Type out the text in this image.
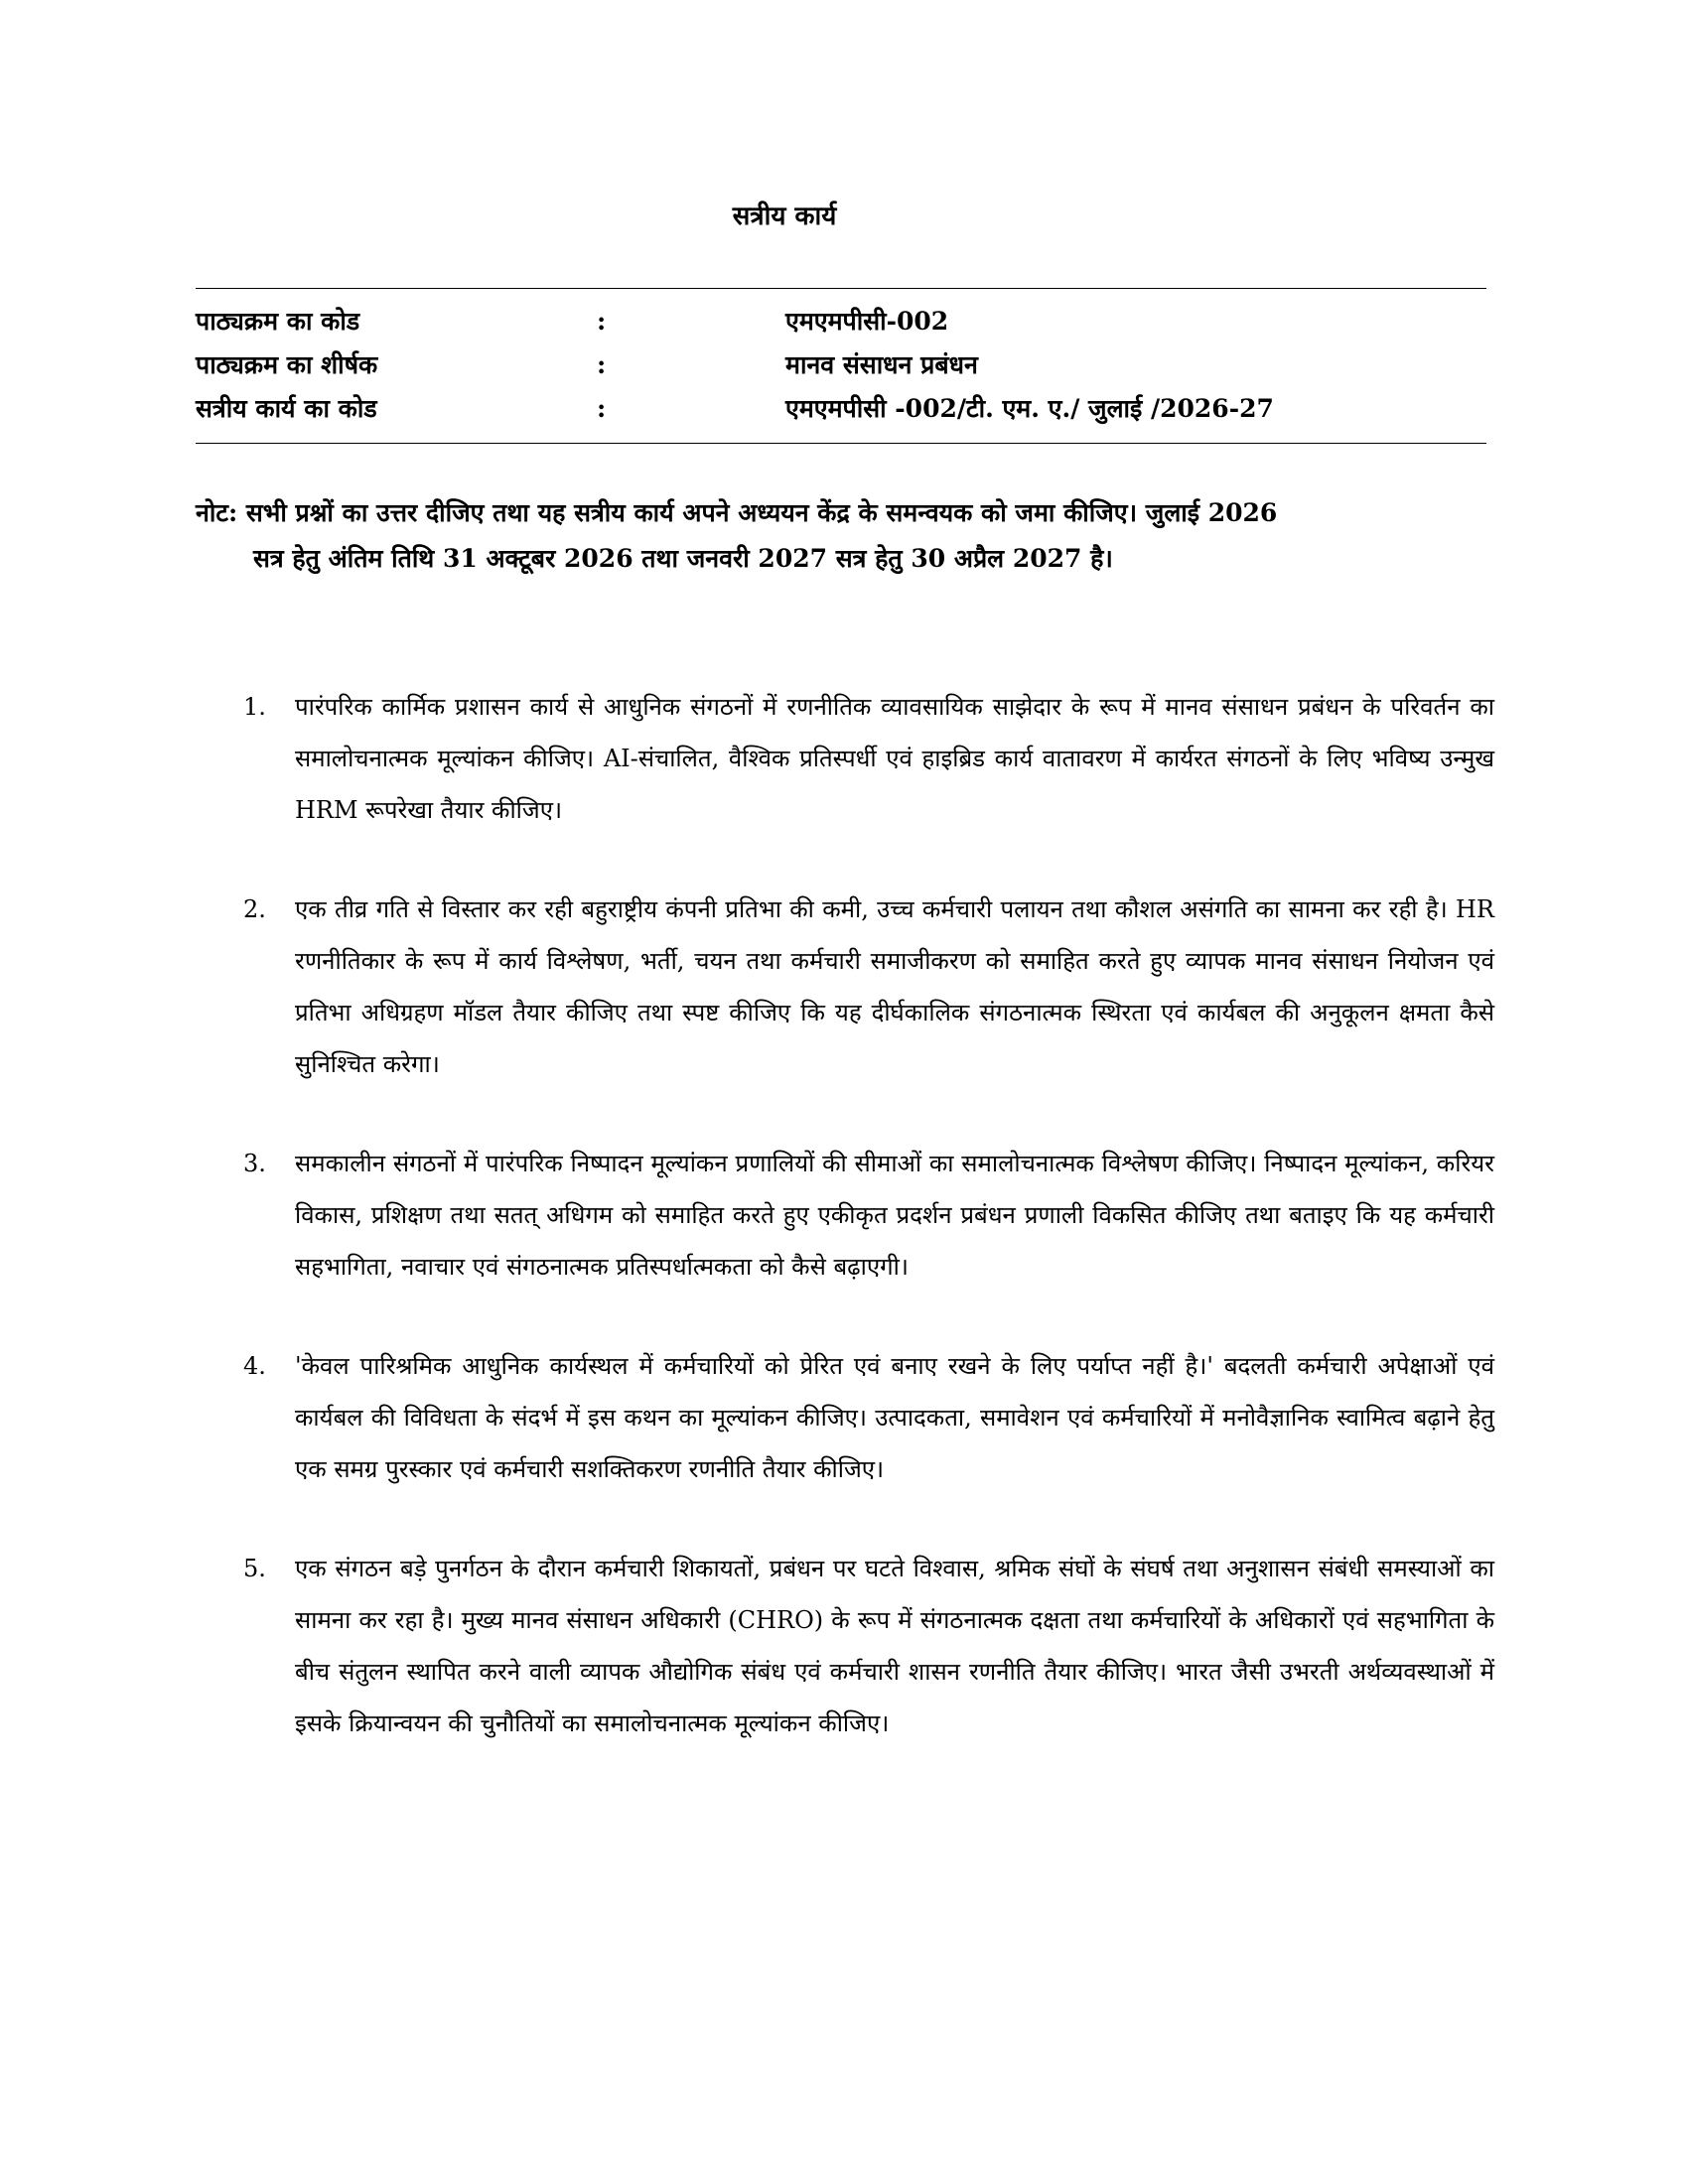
सत्रीय कार्य
पाठ्यक्रम का कोड	:	एमएमपीसी-002
पाठ्यक्रम का शीर्षक	:	मानव संसाधन प्रबंधन
सत्रीय कार्य का कोड	:	एमएमपीसी -002/टी. एम. ए./ जुलाई /2026-27
नोट: सभी प्रश्नों का उत्तर दीजिए तथा यह सत्रीय कार्य अपने अध्ययन केंद्र के समन्वयक को जमा कीजिए। जुलाई 2026
सत्र हेतु अंतिम तिथि 31 अक्टूबर 2026 तथा जनवरी 2027 सत्र हेतु 30 अप्रैल 2027 है।
1. पारंपरिक कार्मिक प्रशासन कार्य से आधुनिक संगठनों में रणनीतिक व्यावसायिक साझेदार के रूप में मानव संसाधन प्रबंधन के परिवर्तन का समालोचनात्मक मूल्यांकन कीजिए। AI-संचालित, वैश्विक प्रतिस्पर्धी एवं हाइब्रिड कार्य वातावरण में कार्यरत संगठनों के लिए भविष्य उन्मुख HRM रूपरेखा तैयार कीजिए।
2. एक तीव्र गति से विस्तार कर रही बहुराष्ट्रीय कंपनी प्रतिभा की कमी, उच्च कर्मचारी पलायन तथा कौशल असंगति का सामना कर रही है। HR रणनीतिकार के रूप में कार्य विश्लेषण, भर्ती, चयन तथा कर्मचारी समाजीकरण को समाहित करते हुए व्यापक मानव संसाधन नियोजन एवं प्रतिभा अधिग्रहण मॉडल तैयार कीजिए तथा स्पष्ट कीजिए कि यह दीर्घकालिक संगठनात्मक स्थिरता एवं कार्यबल की अनुकूलन क्षमता कैसे सुनिश्चित करेगा।
3. समकालीन संगठनों में पारंपरिक निष्पादन मूल्यांकन प्रणालियों की सीमाओं का समालोचनात्मक विश्लेषण कीजिए। निष्पादन मूल्यांकन, करियर विकास, प्रशिक्षण तथा सतत् अधिगम को समाहित करते हुए एकीकृत प्रदर्शन प्रबंधन प्रणाली विकसित कीजिए तथा बताइए कि यह कर्मचारी सहभागिता, नवाचार एवं संगठनात्मक प्रतिस्पर्धात्मकता को कैसे बढ़ाएगी।
4. 'केवल पारिश्रमिक आधुनिक कार्यस्थल में कर्मचारियों को प्रेरित एवं बनाए रखने के लिए पर्याप्त नहीं है।' बदलती कर्मचारी अपेक्षाओं एवं कार्यबल की विविधता के संदर्भ में इस कथन का मूल्यांकन कीजिए। उत्पादकता, समावेशन एवं कर्मचारियों में मनोवैज्ञानिक स्वामित्व बढ़ाने हेतु एक समग्र पुरस्कार एवं कर्मचारी सशक्तिकरण रणनीति तैयार कीजिए।
5. एक संगठन बड़े पुनर्गठन के दौरान कर्मचारी शिकायतों, प्रबंधन पर घटते विश्वास, श्रमिक संघों के संघर्ष तथा अनुशासन संबंधी समस्याओं का सामना कर रहा है। मुख्य मानव संसाधन अधिकारी (CHRO) के रूप में संगठनात्मक दक्षता तथा कर्मचारियों के अधिकारों एवं सहभागिता के बीच संतुलन स्थापित करने वाली व्यापक औद्योगिक संबंध एवं कर्मचारी शासन रणनीति तैयार कीजिए। भारत जैसी उभरती अर्थव्यवस्थाओं में इसके क्रियान्वयन की चुनौतियों का समालोचनात्मक मूल्यांकन कीजिए।
